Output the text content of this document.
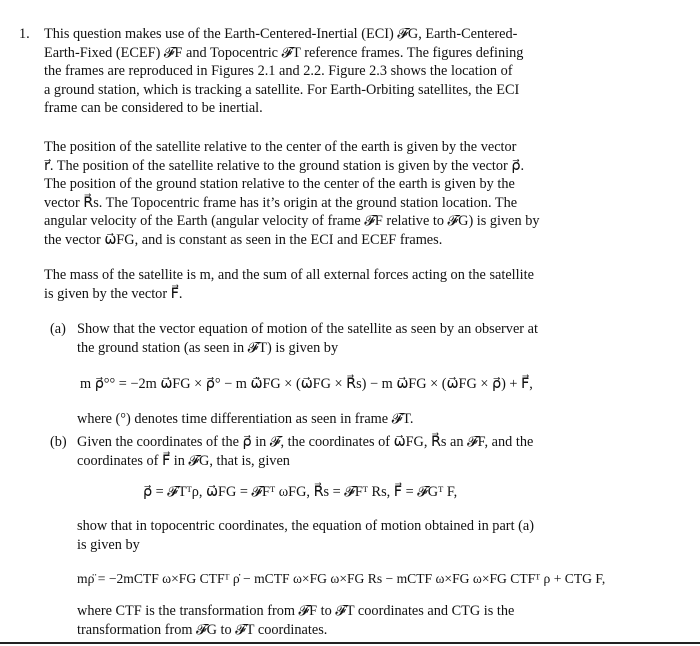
1. This question makes use of the Earth-Centered-Inertial (ECI) 𝓕G, Earth-Centered-
Earth-Fixed (ECEF) 𝓕F and Topocentric 𝓕T reference frames. The figures defining
the frames are reproduced in Figures 2.1 and 2.2. Figure 2.3 shows the location of
a ground station, which is tracking a satellite. For Earth-Orbiting satellites, the ECI
frame can be considered to be inertial.
The position of the satellite relative to the center of the earth is given by the vector
r⃗. The position of the satellite relative to the ground station is given by the vector ρ⃗.
The position of the ground station relative to the center of the earth is given by the
vector R⃗s. The Topocentric frame has it’s origin at the ground station location. The
angular velocity of the Earth (angular velocity of frame 𝓕F relative to 𝓕G) is given by
the vector ω⃗FG, and is constant as seen in the ECI and ECEF frames.
The mass of the satellite is m, and the sum of all external forces acting on the satellite
is given by the vector F⃗.
(a) Show that the vector equation of motion of the satellite as seen by an observer at
the ground station (as seen in 𝓕T) is given by
m ρ⃗°° = −2m ω⃗FG × ρ⃗° − m ω⃗̇FG × (ω⃗FG × R⃗s) − m ω⃗FG × (ω⃗FG × ρ⃗) + F⃗,
where (°) denotes time differentiation as seen in frame 𝓕T.
(b) Given the coordinates of the ρ⃗ in 𝓕, the coordinates of ω⃗FG, R⃗s an 𝓕F, and the
coordinates of F⃗ in 𝓕G, that is, given
ρ⃗ = 𝓕Tᵀρ, ω⃗FG = 𝓕Fᵀ ωFG, R⃗s = 𝓕Fᵀ Rs, F⃗ = 𝓕Gᵀ F,
show that in topocentric coordinates, the equation of motion obtained in part (a)
is given by
mρ̈ = −2mCTF ω×FG CTFᵀ ρ̇ − mCTF ω×FG ω×FG Rs − mCTF ω×FG ω×FG CTFᵀ ρ + CTG F,
where CTF is the transformation from 𝓕F to 𝓕T coordinates and CTG is the
transformation from 𝓕G to 𝓕T coordinates.
